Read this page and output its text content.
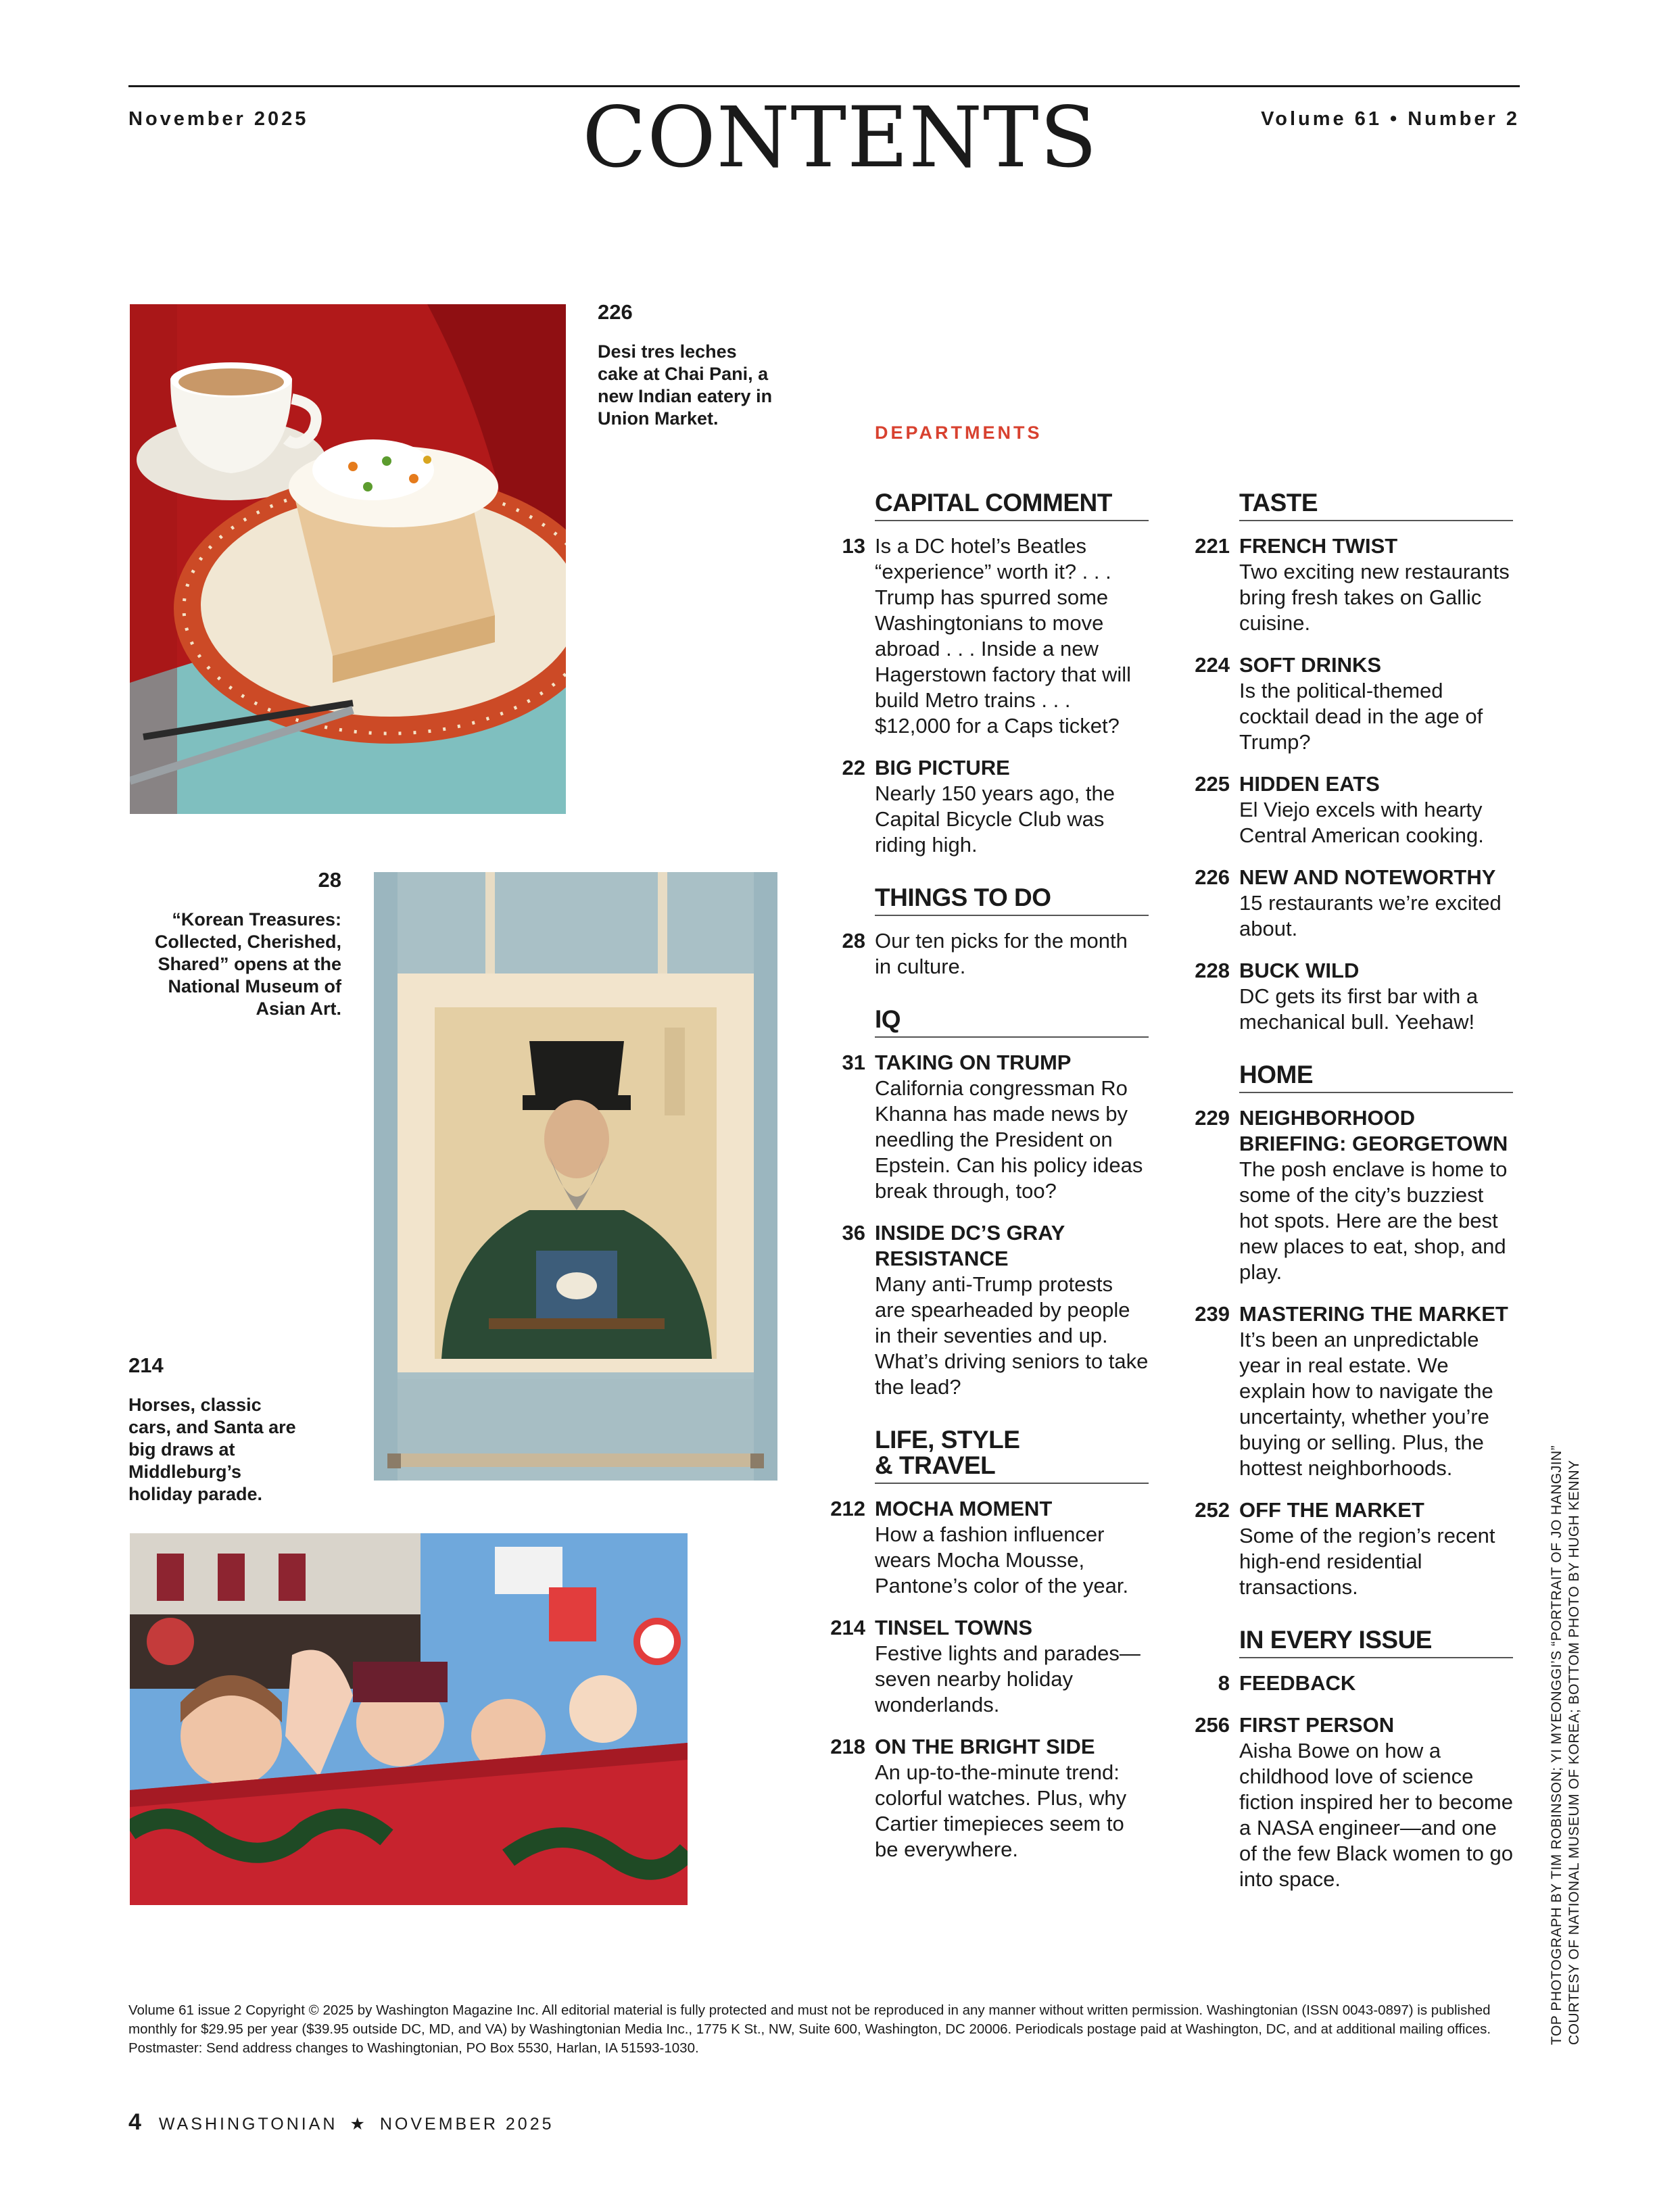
November 2025	CONTENTS	Volume 61 • Number 2
226
Desi tres leches cake at Chai Pani, a new Indian eatery in Union Market.
28
“Korean Treasures: Collected, Cherished, Shared” opens at the National Museum of Asian Art.
214
Horses, classic cars, and Santa are big draws at Middleburg’s holiday parade.
DEPARTMENTS
CAPITAL COMMENT
13 Is a DC hotel’s Beatles “experience” worth it? . . . Trump has spurred some Washingtonians to move abroad . . . Inside a new Hagerstown factory that will build Metro trains . . . $12,000 for a Caps ticket?
22 BIG PICTURE
Nearly 150 years ago, the Capital Bicycle Club was riding high.
THINGS TO DO
28 Our ten picks for the month in culture.
IQ
31 TAKING ON TRUMP
California congressman Ro Khanna has made news by needling the President on Epstein. Can his policy ideas break through, too?
36 INSIDE DC’S GRAY RESISTANCE
Many anti-Trump protests are spearheaded by people in their seventies and up. What’s driving seniors to take the lead?
LIFE, STYLE & TRAVEL
212 MOCHA MOMENT
How a fashion influencer wears Mocha Mousse, Pantone’s color of the year.
214 TINSEL TOWNS
Festive lights and parades—seven nearby holiday wonderlands.
218 ON THE BRIGHT SIDE
An up-to-the-minute trend: colorful watches. Plus, why Cartier timepieces seem to be everywhere.
TASTE
221 FRENCH TWIST
Two exciting new restaurants bring fresh takes on Gallic cuisine.
224 SOFT DRINKS
Is the political-themed cocktail dead in the age of Trump?
225 HIDDEN EATS
El Viejo excels with hearty Central American cooking.
226 NEW AND NOTEWORTHY
15 restaurants we’re excited about.
228 BUCK WILD
DC gets its first bar with a mechanical bull. Yeehaw!
HOME
229 NEIGHBORHOOD BRIEFING: GEORGETOWN
The posh enclave is home to some of the city’s buzziest hot spots. Here are the best new places to eat, shop, and play.
239 MASTERING THE MARKET
It’s been an unpredictable year in real estate. We explain how to navigate the uncertainty, whether you’re buying or selling. Plus, the hottest neighborhoods.
252 OFF THE MARKET
Some of the region’s recent high-end residential transactions.
IN EVERY ISSUE
8 FEEDBACK
256 FIRST PERSON
Aisha Bowe on how a childhood love of science fiction inspired her to become a NASA engineer—and one of the few Black women to go into space.
Volume 61 issue 2 Copyright © 2025 by Washington Magazine Inc. All editorial material is fully protected and must not be reproduced in any manner without written permission. Washingtonian (ISSN 0043-0897) is published monthly for $29.95 per year ($39.95 outside DC, MD, and VA) by Washingtonian Media Inc., 1775 K St., NW, Suite 600, Washington, DC 20006. Periodicals postage paid at Washington, DC, and at additional mailing offices. Postmaster: Send address changes to Washingtonian, PO Box 5530, Harlan, IA 51593-1030.
TOP PHOTOGRAPH BY TIM ROBINSON; YI MYEONGGI’S “PORTRAIT OF JO HANGJIN” COURTESY OF NATIONAL MUSEUM OF KOREA; BOTTOM PHOTO BY HUGH KENNY
4 WASHINGTONIAN ★ NOVEMBER 2025
